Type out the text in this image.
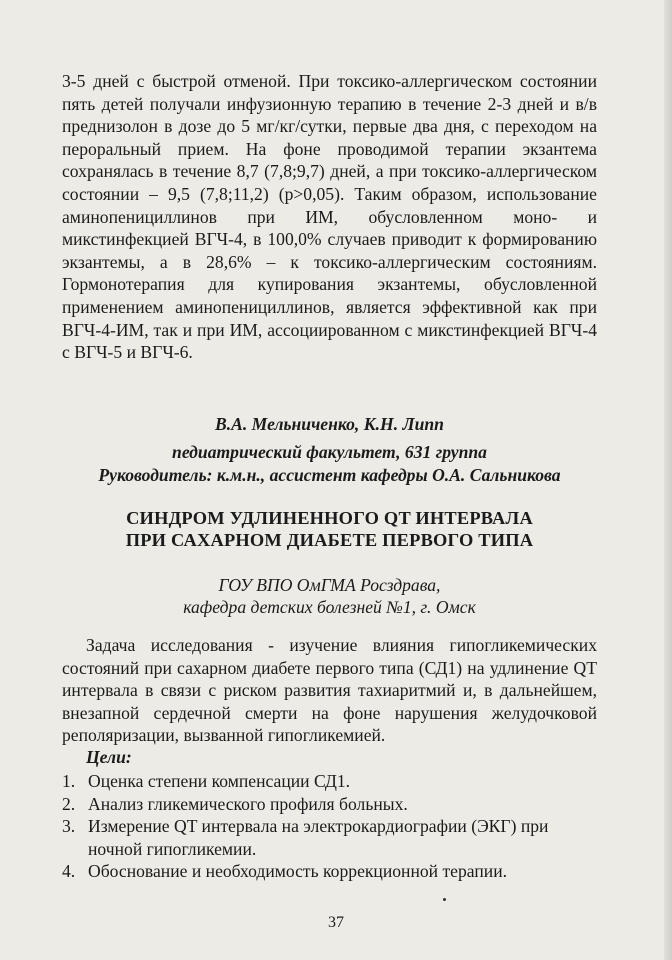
3-5 дней с быстрой отменой. При токсико-аллергическом состоянии пять детей получали инфузионную терапию в течение 2-3 дней и в/в преднизолон в дозе до 5 мг/кг/сутки, первые два дня, с переходом на пероральный прием. На фоне проводимой терапии экзантема сохранялась в течение 8,7 (7,8;9,7) дней, а при токсико-аллергическом состоянии – 9,5 (7,8;11,2) (р>0,05). Таким образом, использование аминопенициллинов при ИМ, обусловленном моно- и микстинфекцией ВГЧ-4, в 100,0% случаев приводит к формированию экзантемы, а в 28,6% – к токсико-аллергическим состояниям. Гормонотерапия для купирования экзантемы, обусловленной применением аминопенициллинов, является эффективной как при ВГЧ-4-ИМ, так и при ИМ, ассоциированном с микстинфекцией ВГЧ-4 с ВГЧ-5 и ВГЧ-6.

В.А. Мельниченко, К.Н. Липп

педиатрический факультет, 631 группа

Руководитель: к.м.н., ассистент кафедры О.А. Сальникова

СИНДРОМ УДЛИНЕННОГО QT ИНТЕРВАЛА
ПРИ САХАРНОМ ДИАБЕТЕ ПЕРВОГО ТИПА

ГОУ ВПО ОмГМА Росздрава,
кафедра детских болезней №1, г. Омск

Задача исследования - изучение влияния гипогликемических состояний при сахарном диабете первого типа (СД1) на удлинение QT интервала в связи с риском развития тахиаритмий и, в дальнейшем, внезапной сердечной смерти на фоне нарушения желудочковой реполяризации, вызванной гипогликемией.

Цели:

1. Оценка степени компенсации СД1.
2. Анализ гликемического профиля больных.
3. Измерение QT интервала на электрокардиографии (ЭКГ) при ночной гипогликемии.
4. Обоснование и необходимость коррекционной терапии.

37
